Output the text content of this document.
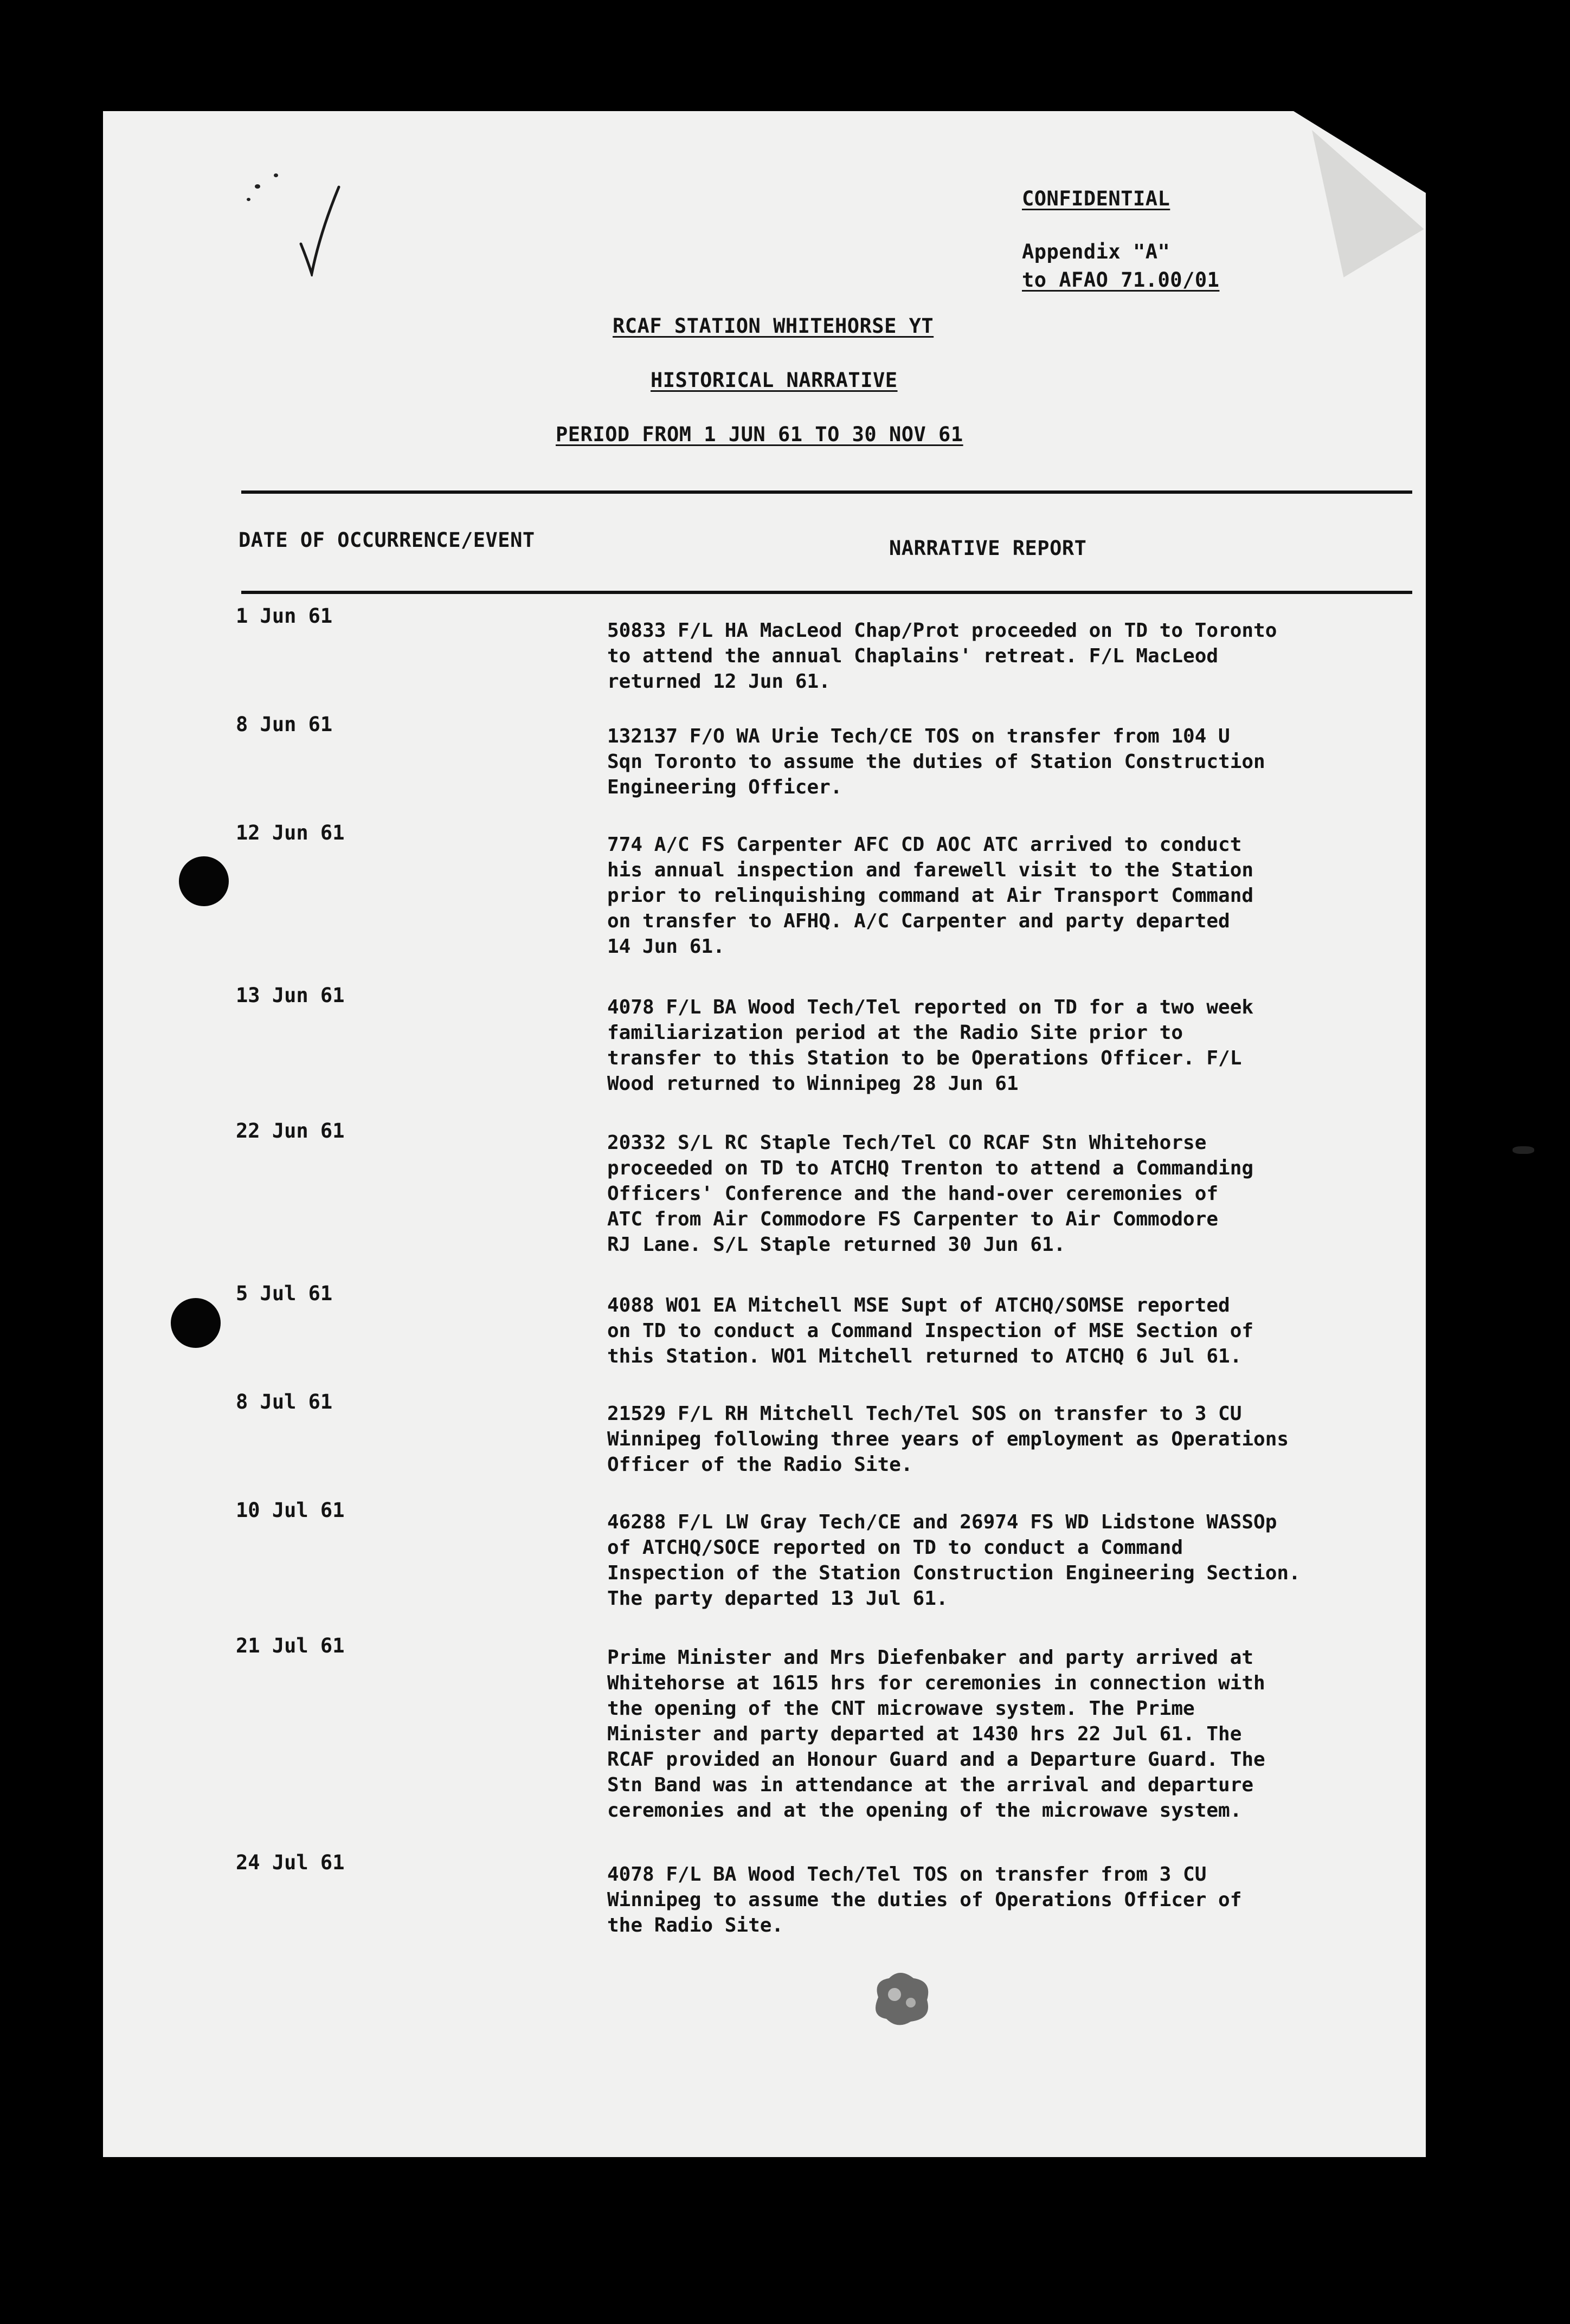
CONFIDENTIAL
Appendix "A"
to AFAO 71.00/01
RCAF STATION WHITEHORSE YT
HISTORICAL NARRATIVE
PERIOD FROM 1 JUN 61 TO 30 NOV 61
DATE OF OCCURRENCE/EVENT	NARRATIVE REPORT
1 Jun 61
50833 F/L HA MacLeod Chap/Prot proceeded on TD to Toronto
to attend the annual Chaplains' retreat. F/L MacLeod
returned 12 Jun 61.
8 Jun 61
132137 F/O WA Urie Tech/CE TOS on transfer from 104 U
Sqn Toronto to assume the duties of Station Construction
Engineering Officer.
12 Jun 61
774 A/C FS Carpenter AFC CD AOC ATC arrived to conduct
his annual inspection and farewell visit to the Station
prior to relinquishing command at Air Transport Command
on transfer to AFHQ. A/C Carpenter and party departed
14 Jun 61.
13 Jun 61
4078 F/L BA Wood Tech/Tel reported on TD for a two week
familiarization period at the Radio Site prior to
transfer to this Station to be Operations Officer. F/L
Wood returned to Winnipeg 28 Jun 61
22 Jun 61
20332 S/L RC Staple Tech/Tel CO RCAF Stn Whitehorse
proceeded on TD to ATCHQ Trenton to attend a Commanding
Officers' Conference and the hand-over ceremonies of
ATC from Air Commodore FS Carpenter to Air Commodore
RJ Lane. S/L Staple returned 30 Jun 61.
5 Jul 61
4088 WO1 EA Mitchell MSE Supt of ATCHQ/SOMSE reported
on TD to conduct a Command Inspection of MSE Section of
this Station. WO1 Mitchell returned to ATCHQ 6 Jul 61.
8 Jul 61
21529 F/L RH Mitchell Tech/Tel SOS on transfer to 3 CU
Winnipeg following three years of employment as Operations
Officer of the Radio Site.
10 Jul 61
46288 F/L LW Gray Tech/CE and 26974 FS WD Lidstone WASSOp
of ATCHQ/SOCE reported on TD to conduct a Command
Inspection of the Station Construction Engineering Section.
The party departed 13 Jul 61.
21 Jul 61
Prime Minister and Mrs Diefenbaker and party arrived at
Whitehorse at 1615 hrs for ceremonies in connection with
the opening of the CNT microwave system. The Prime
Minister and party departed at 1430 hrs 22 Jul 61. The
RCAF provided an Honour Guard and a Departure Guard. The
Stn Band was in attendance at the arrival and departure
ceremonies and at the opening of the microwave system.
24 Jul 61
4078 F/L BA Wood Tech/Tel TOS on transfer from 3 CU
Winnipeg to assume the duties of Operations Officer of
the Radio Site.
